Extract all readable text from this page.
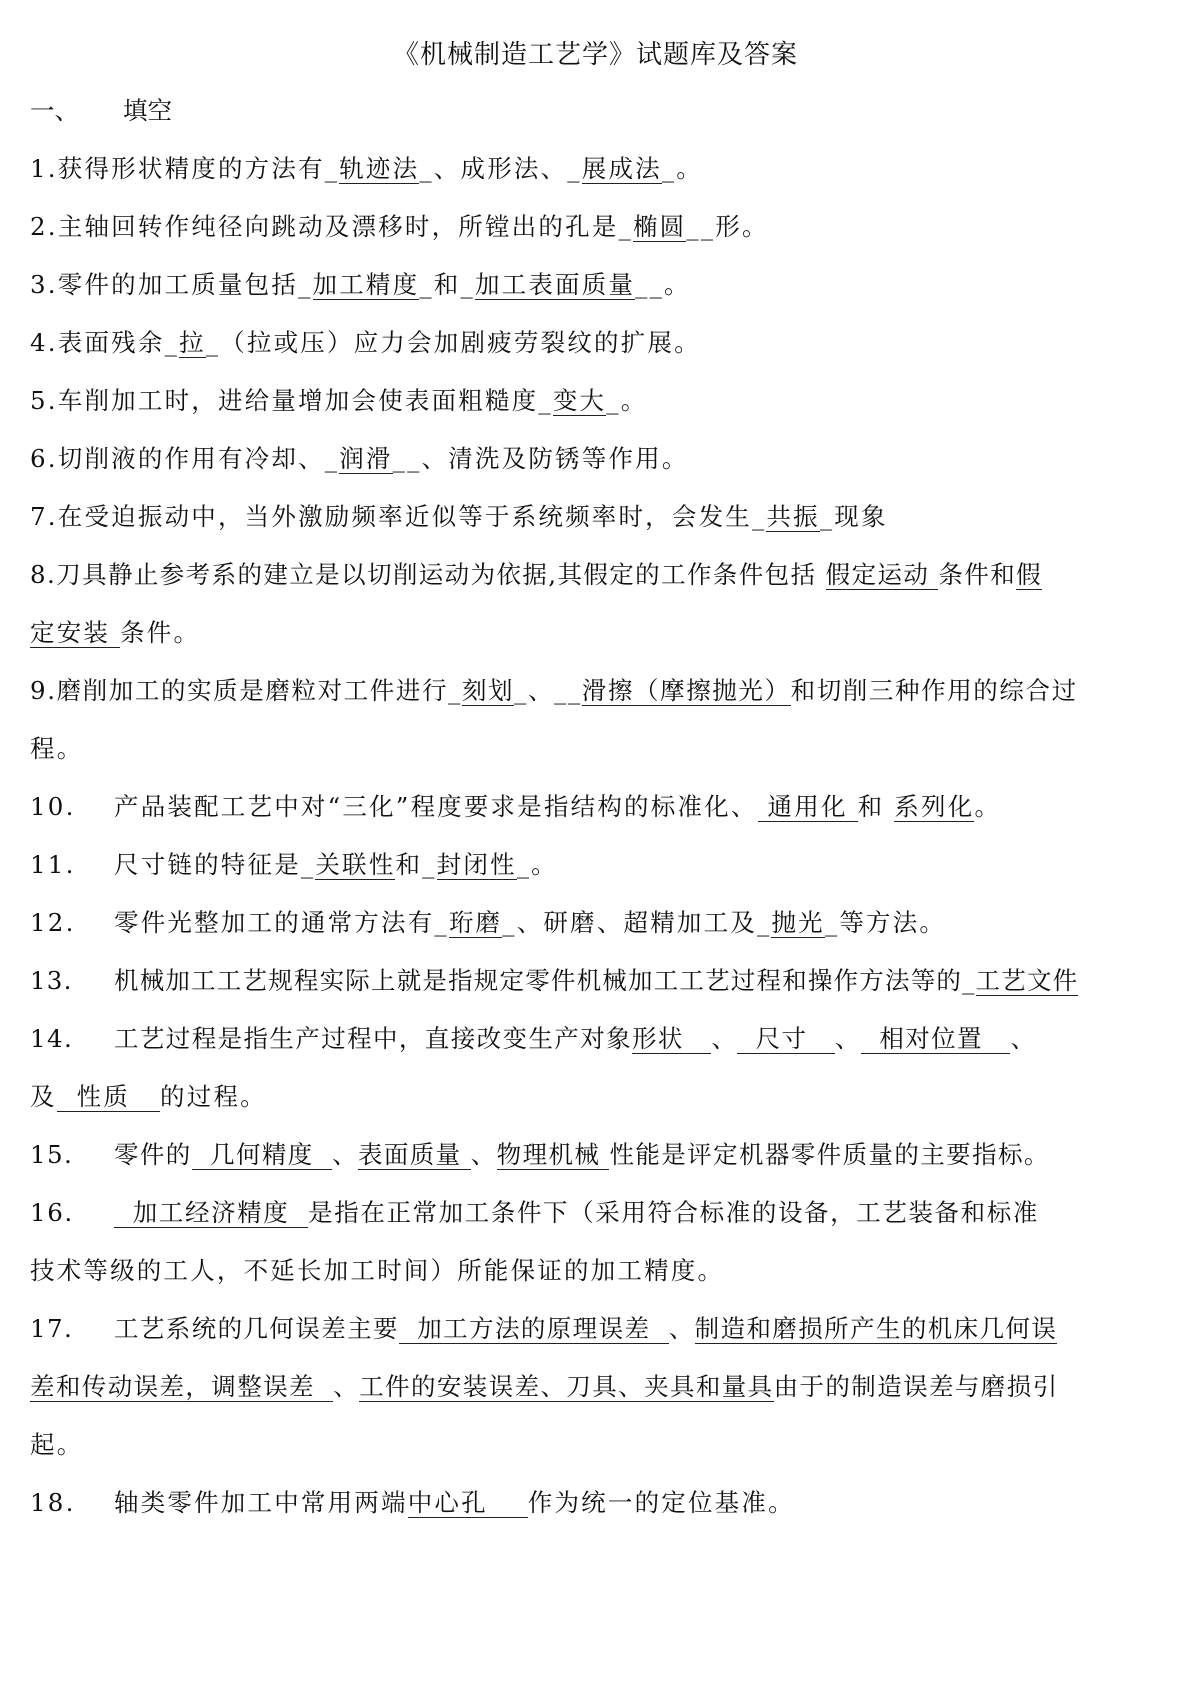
《机械制造工艺学》试题库及答案
一、 填空
1.获得形状精度的方法有_轨迹法_、成形法、_展成法_。
2.主轴回转作纯径向跳动及漂移时，所镗出的孔是_椭圆__形。
3.零件的加工质量包括_加工精度_和_加工表面质量__。
4.表面残余_拉_（拉或压）应力会加剧疲劳裂纹的扩展。
5.车削加工时，进给量增加会使表面粗糙度_变大_。
6.切削液的作用有冷却、_润滑__、清洗及防锈等作用。
7.在受迫振动中，当外激励频率近似等于系统频率时，会发生_共振_现象
8.刀具静止参考系的建立是以切削运动为依据,其假定的工作条件包括 假定运动 条件和假
定安装 条件。
9.磨削加工的实质是磨粒对工件进行_刻划_、__滑擦（摩擦抛光）和切削三种作用的综合过
程。
10. 产品装配工艺中对“三化”程度要求是指结构的标准化、 通用化 和 系列化。
11. 尺寸链的特征是_关联性和_封闭性_。
12. 零件光整加工的通常方法有_珩磨_、研磨、超精加工及_抛光_等方法。
13. 机械加工工艺规程实际上就是指规定零件机械加工工艺过程和操作方法等的_工艺文件
14. 工艺过程是指生产过程中，直接改变生产对象形状   、  尺寸   、  相对位置   、
及  性质   的过程。
15. 零件的  几何精度  、表面质量 、物理机械 性能是评定机器零件质量的主要指标。
16.  加工经济精度  是指在正常加工条件下（采用符合标准的设备，工艺装备和标准
技术等级的工人，不延长加工时间）所能保证的加工精度。
17. 工艺系统的几何误差主要  加工方法的原理误差  、制造和磨损所产生的机床几何误
差和传动误差，调整误差  、工件的安装误差、刀具、夹具和量具由于的制造误差与磨损引
起。
18. 轴类零件加工中常用两端中心孔    作为统一的定位基准。
